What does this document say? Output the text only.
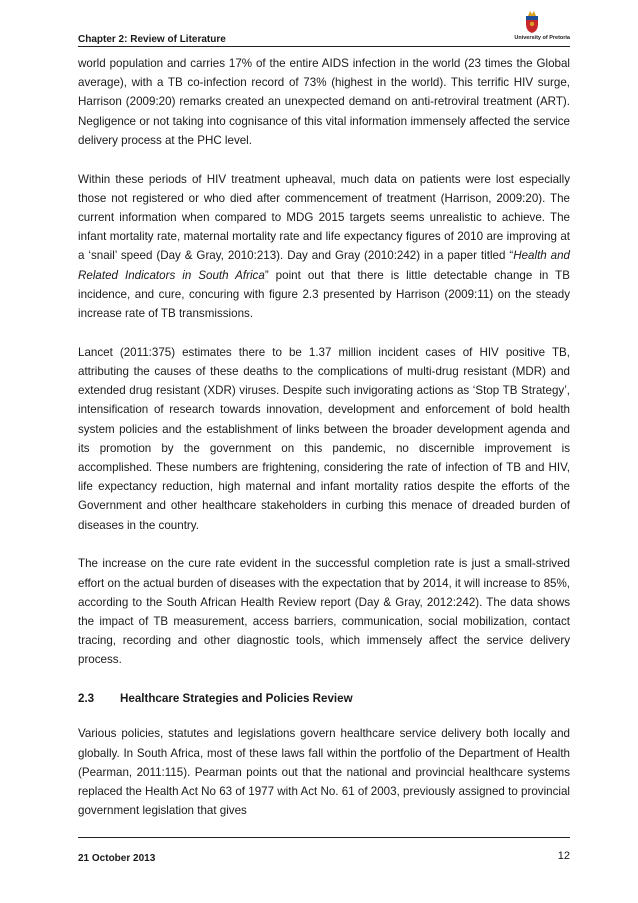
Chapter 2: Review of Literature	University of Pretoria

world population and carries 17% of the entire AIDS infection in the world (23 times the Global average), with a TB co-infection record of 73% (highest in the world). This terrific HIV surge, Harrison (2009:20) remarks created an unexpected demand on anti-retroviral treatment (ART). Negligence or not taking into cognisance of this vital information immensely affected the service delivery process at the PHC level.

Within these periods of HIV treatment upheaval, much data on patients were lost especially those not registered or who died after commencement of treatment (Harrison, 2009:20). The current information when compared to MDG 2015 targets seems unrealistic to achieve. The infant mortality rate, maternal mortality rate and life expectancy figures of 2010 are improving at a ‘snail’ speed (Day & Gray, 2010:213). Day and Gray (2010:242) in a paper titled “Health and Related Indicators in South Africa” point out that there is little detectable change in TB incidence, and cure, concuring with figure 2.3 presented by Harrison (2009:11) on the steady increase rate of TB transmissions.

Lancet (2011:375) estimates there to be 1.37 million incident cases of HIV positive TB, attributing the causes of these deaths to the complications of multi-drug resistant (MDR) and extended drug resistant (XDR) viruses. Despite such invigorating actions as ‘Stop TB Strategy’, intensification of research towards innovation, development and enforcement of bold health system policies and the establishment of links between the broader development agenda and its promotion by the government on this pandemic, no discernible improvement is accomplished. These numbers are frightening, considering the rate of infection of TB and HIV, life expectancy reduction, high maternal and infant mortality ratios despite the efforts of the Government and other healthcare stakeholders in curbing this menace of dreaded burden of diseases in the country.

The increase on the cure rate evident in the successful completion rate is just a small-strived effort on the actual burden of diseases with the expectation that by 2014, it will increase to 85%, according to the South African Health Review report (Day & Gray, 2012:242). The data shows the impact of TB measurement, access barriers, communication, social mobilization, contact tracing, recording and other diagnostic tools, which immensely affect the service delivery process.

2.3 Healthcare Strategies and Policies Review

Various policies, statutes and legislations govern healthcare service delivery both locally and globally. In South Africa, most of these laws fall within the portfolio of the Department of Health (Pearman, 2011:115). Pearman points out that the national and provincial healthcare systems replaced the Health Act No 63 of 1977 with Act No. 61 of 2003, previously assigned to provincial government legislation that gives

21 October 2013	12
